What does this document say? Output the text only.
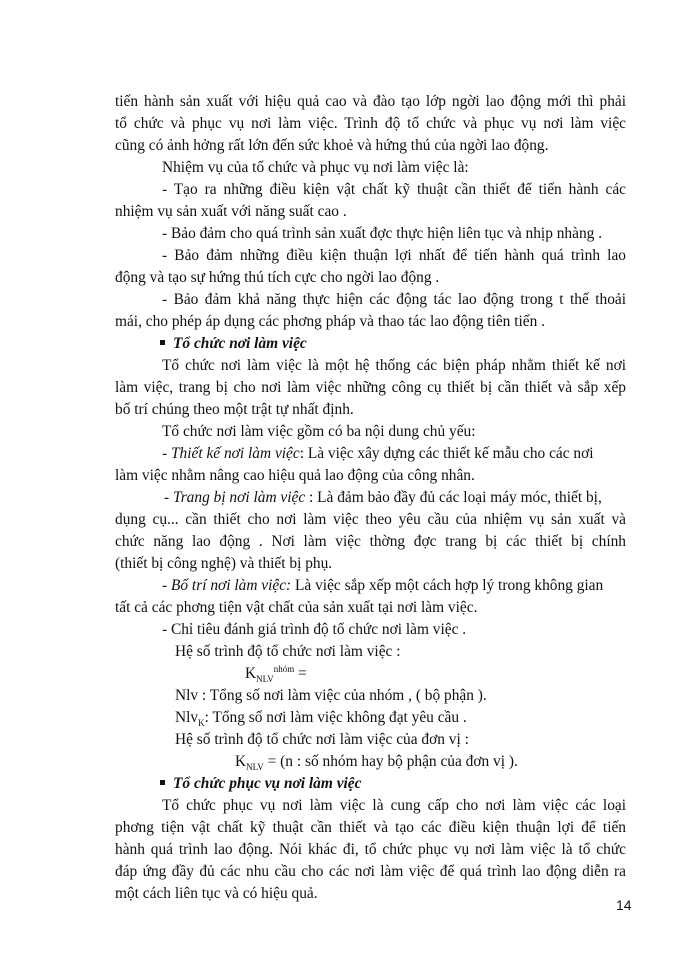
tiến hành sản xuất với hiệu quả cao và đào tạo lớp ngời lao động mới thì phải
tổ chức và phục vụ nơi làm việc. Trình độ tổ chức và phục vụ nơi làm việc
cũng có ảnh hởng rất lớn đến sức khoẻ và hứng thú của ngời lao động.
Nhiệm vụ của tổ chức và phục vụ nơi làm việc là:
- Tạo ra những điều kiện vật chất kỹ thuật cần thiết để tiến hành các
nhiệm vụ sản xuất với năng suất cao .
- Bảo đảm cho quá trình sản xuất đợc thực hiện liên tục và nhịp nhàng .
- Bảo đảm những điều kiện thuận lợi nhất để tiến hành quá trình lao
động và tạo sự hứng thú tích cực cho ngời lao động .
- Bảo đảm khả năng thực hiện các động tác lao động trong t thế thoải
mái, cho phép áp dụng các phơng pháp và thao tác lao động tiên tiến .
Tổ chức nơi làm việc
Tổ chức nơi làm việc là một hệ thống các biện pháp nhằm thiết kế nơi
làm việc, trang bị cho nơi làm việc những công cụ thiết bị cần thiết và sắp xếp
bố trí chúng theo một trật tự nhất định.
Tổ chức nơi làm việc gồm có ba nội dung chủ yếu:
- Thiết kế nơi làm việc: Là việc xây dựng các thiết kế mẫu cho các nơi
làm việc nhằm nâng cao hiệu quả lao động của công nhân.
- Trang bị nơi làm việc : Là đảm bảo đầy đủ các loại máy móc, thiết bị,
dụng cụ... cần thiết cho nơi làm việc theo yêu cầu của nhiệm vụ sản xuất và
chức năng lao động . Nơi làm việc thờng đợc trang bị các thiết bị chính
(thiết bị công nghệ) và thiết bị phụ.
- Bố trí nơi làm việc: Là việc sắp xếp một cách hợp lý trong không gian
tất cả các phơng tiện vật chất của sản xuất tại nơi làm việc.
- Chỉ tiêu đánh giá trình độ tổ chức nơi làm việc .
Hệ số trình độ tổ chức nơi làm việc :
$K_{NLV}^{nhóm}$ =
Nlv : Tổng số nơi làm việc của nhóm , ( bộ phận ).
Nlv$_K$: Tổng số nơi làm việc không đạt yêu cầu .
Hệ số trình độ tổ chức nơi làm việc của đơn vị :
$K_{NLV} = (n$ : số nhóm hay bộ phận của đơn vị ).
Tổ chức phục vụ nơi làm việc
Tổ chức phục vụ nơi làm việc là cung cấp cho nơi làm việc các loại
phơng tiện vật chất kỹ thuật cần thiết và tạo các điều kiện thuận lợi để tiến
hành quá trình lao động. Nói khác đi, tổ chức phục vụ nơi làm việc là tổ chức
đáp ứng đầy đủ các nhu cầu cho các nơi làm việc để quá trình lao động diễn ra
một cách liên tục và có hiệu quả.
14
